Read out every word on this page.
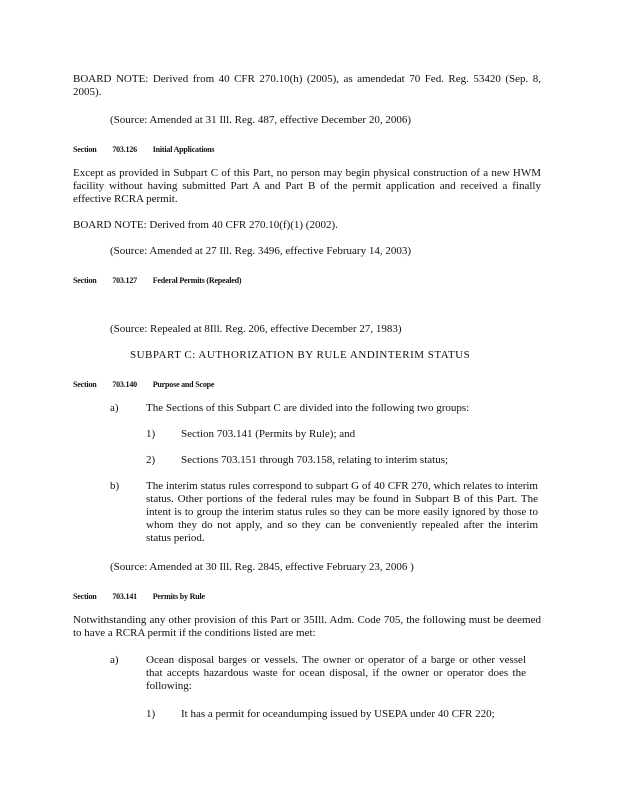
BOARD NOTE: Derived from 40 CFR 270.10(h) (2005), as amendedat 70 Fed. Reg. 53420 (Sep. 8, 2005).

(Source: Amended at 31 Ill. Reg. 487, effective December 20, 2006)

Section 703.126 Initial Applications

Except as provided in Subpart C of this Part, no person may begin physical construction of a new HWM facility without having submitted Part A and Part B of the permit application and received a finally effective RCRA permit.

BOARD NOTE: Derived from 40 CFR 270.10(f)(1) (2002).

(Source: Amended at 27 Ill. Reg. 3496, effective February 14, 2003)

Section 703.127 Federal Permits (Repealed)

(Source: Repealed at 8Ill. Reg. 206, effective December 27, 1983)

SUBPART C: AUTHORIZATION BY RULE ANDINTERIM STATUS

Section 703.140 Purpose and Scope
a) The Sections of this Subpart C are divided into the following two groups:
1) Section 703.141 (Permits by Rule); and
2) Sections 703.151 through 703.158, relating to interim status;
b) The interim status rules correspond to subpart G of 40 CFR 270, which relates to interim status. Other portions of the federal rules may be found in Subpart B of this Part. The intent is to group the interim status rules so they can be more easily ignored by those to whom they do not apply, and so they can be conveniently repealed after the interim status period.

(Source: Amended at 30 Ill. Reg. 2845, effective February 23, 2006 )

Section 703.141 Permits by Rule

Notwithstanding any other provision of this Part or 35Ill. Adm. Code 705, the following must be deemed to have a RCRA permit if the conditions listed are met:

a) Ocean disposal barges or vessels. The owner or operator of a barge or other vessel that accepts hazardous waste for ocean disposal, if the owner or operator does the following:
1) It has a permit for oceandumping issued by USEPA under 40 CFR 220;
